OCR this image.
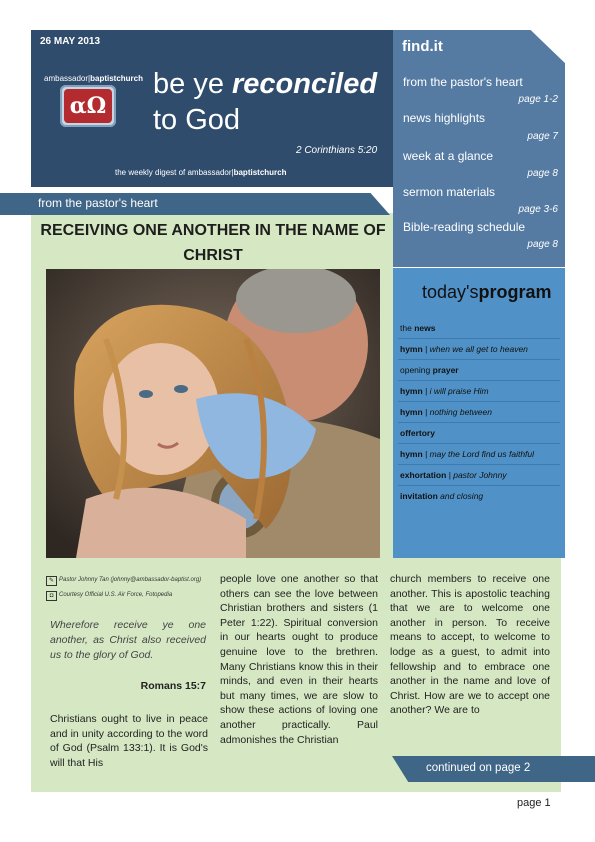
26 MAY 2013
ambassador|baptistchurch
αΩ
be ye reconciled
to God
2 Corinthians 5:20
the weekly digest of ambassador|baptistchurch
find.it
from the pastor's heart
page 1-2
news highlights
page 7
week at a glance
page 8
sermon materials
page 3-6
Bible-reading schedule
page 8
today'sprogram
the news
hymn | when we all get to heaven
opening prayer
hymn | i will praise Him
hymn | nothing between
offertory
hymn | may the Lord find us faithful
exhortation | pastor Johnny
invitation and closing
from the pastor's heart
RECEIVING ONE ANOTHER IN THE NAME OF CHRIST
✎ Pastor Johnny Tan (johnny@ambassador-baptist.org)
◘ Courtesy Official U.S. Air Force, Fotopedia
Wherefore receive ye one another, as Christ also received us to the glory of God.
Romans 15:7
Christians ought to live in peace and in unity according to the word of God (Psalm 133:1). It is God's will that His
people love one another so that others can see the love between Christian brothers and sisters (1 Peter 1:22). Spiritual conversion in our hearts ought to produce genuine love to the brethren. Many Christians know this in their minds, and even in their hearts but many times, we are slow to show these actions of loving one another practically. Paul admonishes the Christian
church members to receive one another. This is apostolic teaching that we are to welcome one another in person. To receive means to accept, to welcome to lodge as a guest, to admit into fellowship and to embrace one another in the name and love of Christ. How are we to accept one another? We are to
continued on page 2
page 1
